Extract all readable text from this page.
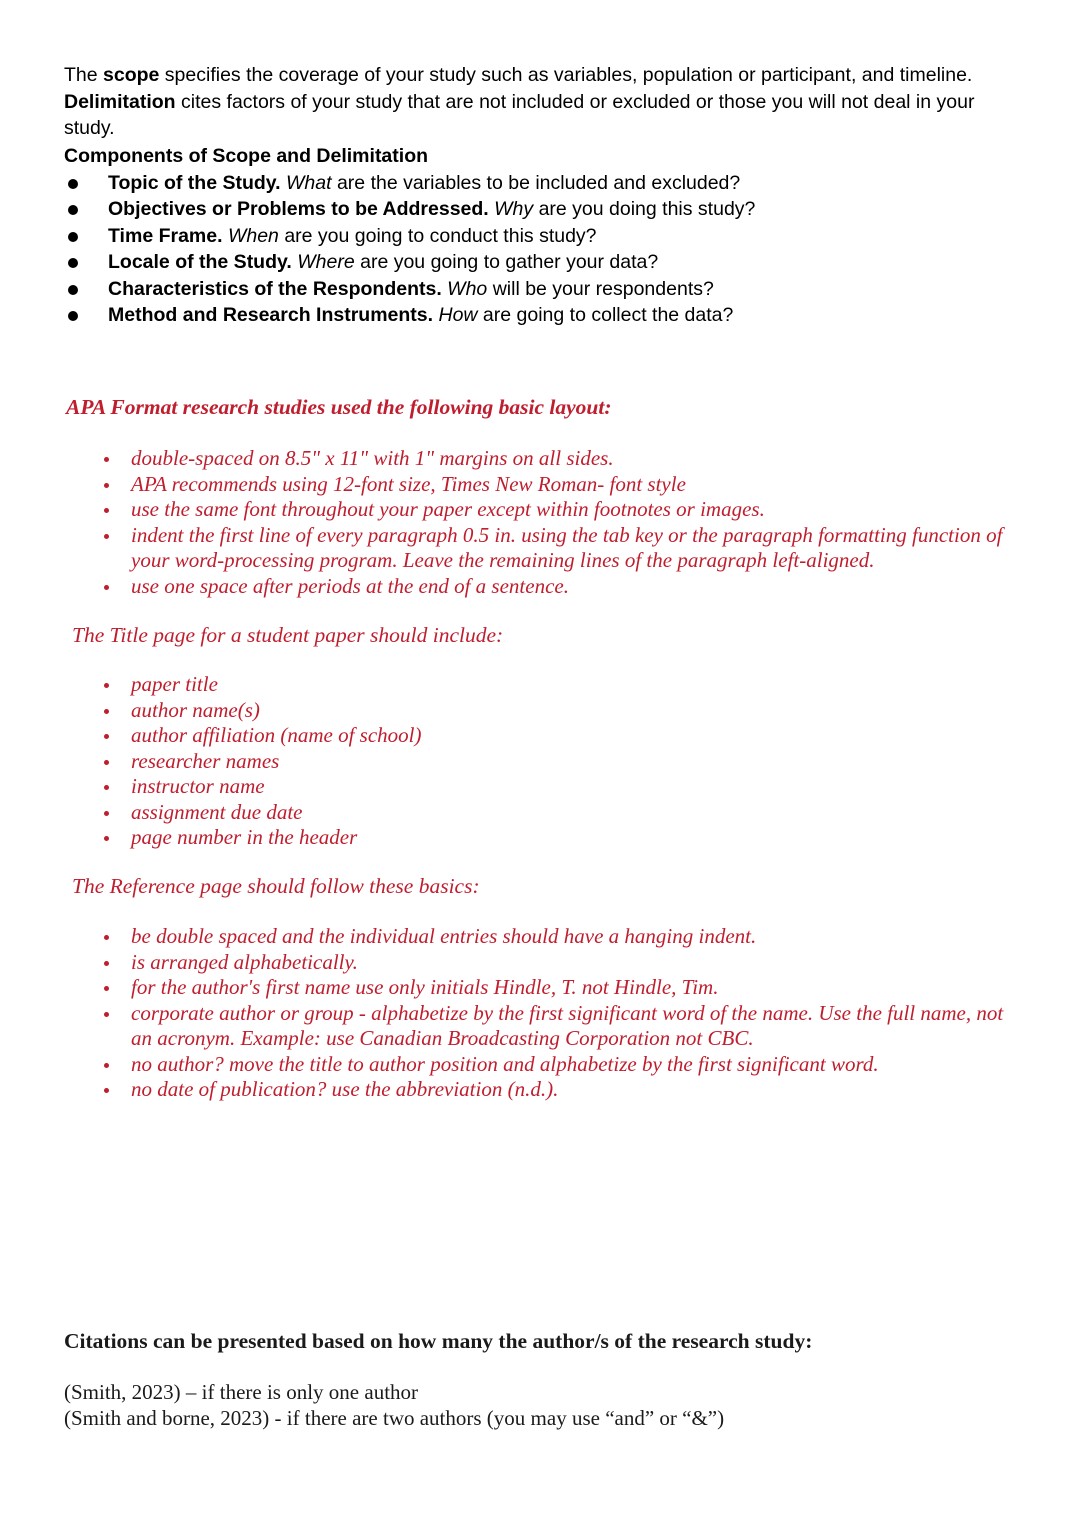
The scope specifies the coverage of your study such as variables, population or participant, and timeline.

Delimitation cites factors of your study that are not included or excluded or those you will not deal in your study.

Components of Scope and Delimitation

Topic of the Study. What are the variables to be included and excluded?
Objectives or Problems to be Addressed. Why are you doing this study?
Time Frame. When are you going to conduct this study?
Locale of the Study. Where are you going to gather your data?
Characteristics of the Respondents. Who will be your respondents?
Method and Research Instruments. How are going to collect the data?

APA Format research studies used the following basic layout:

double-spaced on 8.5" x 11" with 1" margins on all sides.
APA recommends using 12-font size, Times New Roman- font style
use the same font throughout your paper except within footnotes or images.
indent the first line of every paragraph 0.5 in. using the tab key or the paragraph formatting function of your word-processing program. Leave the remaining lines of the paragraph left-aligned.
use one space after periods at the end of a sentence.

The Title page for a student paper should include:

paper title
author name(s)
author affiliation (name of school)
researcher names
instructor name
assignment due date
page number in the header

The Reference page should follow these basics:

be double spaced and the individual entries should have a hanging indent.
is arranged alphabetically.
for the author's first name use only initials Hindle, T. not Hindle, Tim.
corporate author or group - alphabetize by the first significant word of the name. Use the full name, not an acronym. Example: use Canadian Broadcasting Corporation not CBC.
no author? move the title to author position and alphabetize by the first significant word.
no date of publication? use the abbreviation (n.d.).

Citations can be presented based on how many the author/s of the research study:

(Smith, 2023) – if there is only one author

(Smith and borne, 2023) - if there are two authors (you may use “and” or “&”)
